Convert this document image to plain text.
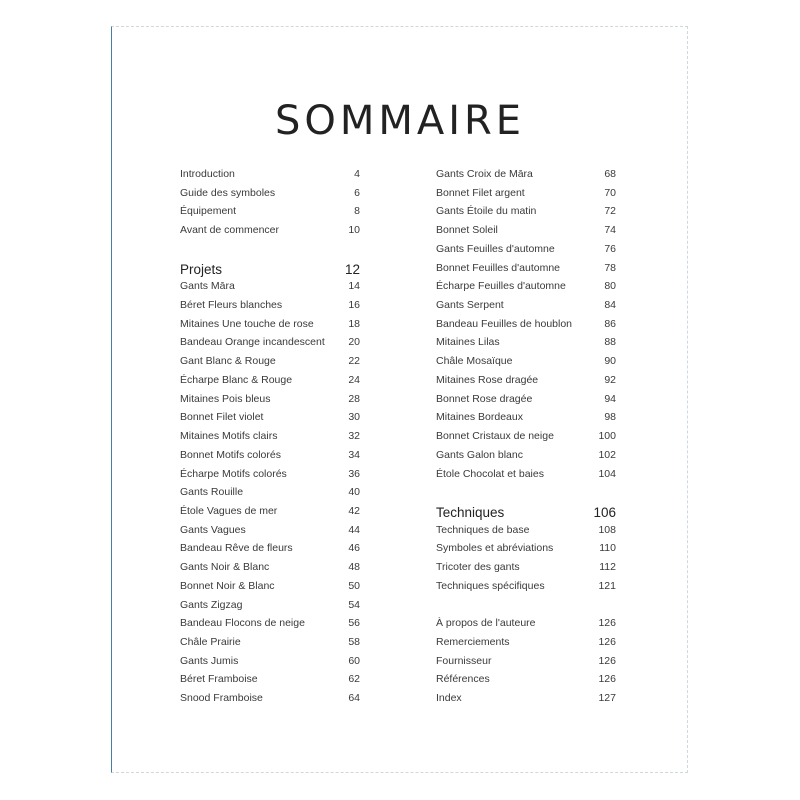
SOMMAIRE
Introduction	4
Guide des symboles	6
Équipement	8
Avant de commencer	10
Projets	12
Gants Māra	14
Béret Fleurs blanches	16
Mitaines Une touche de rose	18
Bandeau Orange incandescent 20
Gant Blanc & Rouge	22
Écharpe Blanc & Rouge	24
Mitaines Pois bleus	28
Bonnet Filet violet	30
Mitaines Motifs clairs	32
Bonnet Motifs colorés	34
Écharpe Motifs colorés	36
Gants Rouille	40
Étole Vagues de mer	42
Gants Vagues	44
Bandeau Rêve de fleurs	46
Gants Noir & Blanc	48
Bonnet Noir & Blanc	50
Gants Zigzag	54
Bandeau Flocons de neige	56
Châle Prairie	58
Gants Jumis	60
Béret Framboise	62
Snood Framboise	64
Gants Croix de Māra	68
Bonnet Filet argent	70
Gants Étoile du matin	72
Bonnet Soleil	74
Gants Feuilles d'automne	76
Bonnet Feuilles d'automne	78
Écharpe Feuilles d'automne	80
Gants Serpent	84
Bandeau Feuilles de houblon	86
Mitaines Lilas	88
Châle Mosaïque	90
Mitaines Rose dragée	92
Bonnet Rose dragée	94
Mitaines Bordeaux	98
Bonnet Cristaux de neige	100
Gants Galon blanc	102
Étole Chocolat et baies	104
Techniques	106
Techniques de base	108
Symboles et abréviations	110
Tricoter des gants	112
Techniques spécifiques	121
À propos de l'auteure	126
Remerciements	126
Fournisseur	126
Références	126
Index	127
